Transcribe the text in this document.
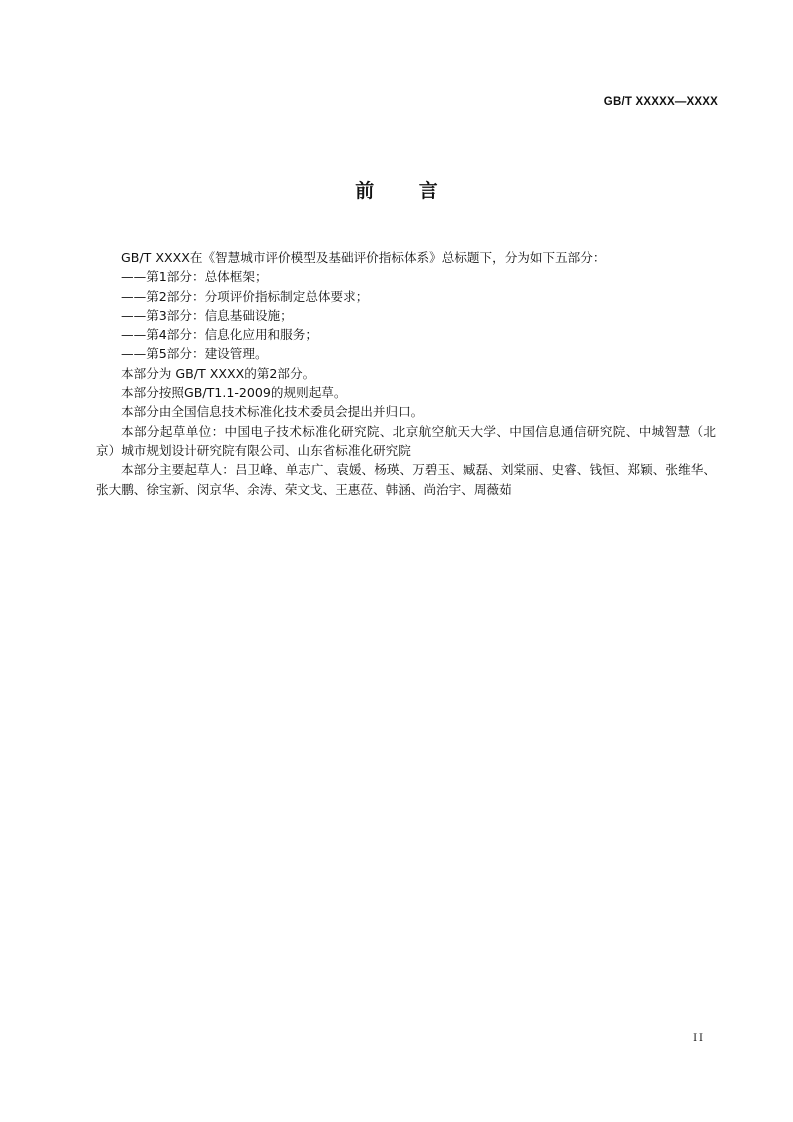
GB/T XXXXX—XXXX
前 言

GB/T XXXX在《智慧城市评价模型及基础评价指标体系》总标题下，分为如下五部分：

——第1部分：总体框架；

——第2部分：分项评价指标制定总体要求；

——第3部分：信息基础设施；

——第4部分：信息化应用和服务；

——第5部分：建设管理。

本部分为 GB/T XXXX的第2部分。

本部分按照GB/T1.1-2009的规则起草。

本部分由全国信息技术标准化技术委员会提出并归口。

本部分起草单位：中国电子技术标准化研究院、北京航空航天大学、中国信息通信研究院、中城智慧（北京）城市规划设计研究院有限公司、山东省标准化研究院

本部分主要起草人：吕卫峰、单志广、袁媛、杨瑛、万碧玉、臧磊、刘棠丽、史睿、钱恒、郑颖、张维华、张大鹏、徐宝新、闵京华、余涛、荣文戈、王惠莅、韩涵、尚治宇、周薇茹

II
